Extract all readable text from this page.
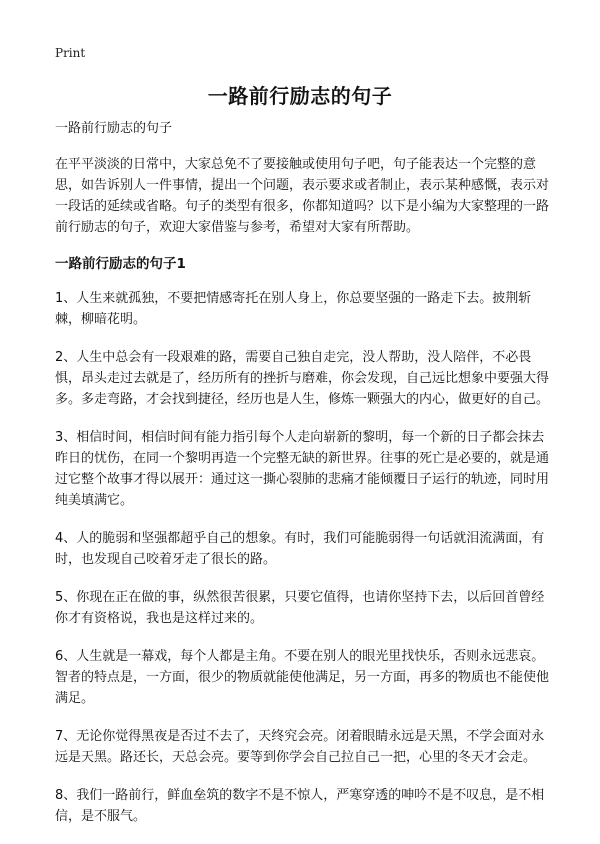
Print
一路前行励志的句子

一路前行励志的句子

在平平淡淡的日常中，大家总免不了要接触或使用句子吧，句子能表达一个完整的意思，如告诉别人一件事情，提出一个问题，表示要求或者制止，表示某种感慨，表示对一段话的延续或省略。句子的类型有很多，你都知道吗？以下是小编为大家整理的一路前行励志的句子，欢迎大家借鉴与参考，希望对大家有所帮助。

一路前行励志的句子1
1、人生来就孤独，不要把情感寄托在别人身上，你总要坚强的一路走下去。披荆斩棘，柳暗花明。
2、人生中总会有一段艰难的路，需要自己独自走完，没人帮助，没人陪伴，不必畏惧，昂头走过去就是了，经历所有的挫折与磨难，你会发现，自己远比想象中要强大得多。多走弯路，才会找到捷径，经历也是人生，修炼一颗强大的内心，做更好的自己。
3、相信时间，相信时间有能力指引每个人走向崭新的黎明，每一个新的日子都会抹去昨日的忧伤，在同一个黎明再造一个完整无缺的新世界。往事的死亡是必要的，就是通过它整个故事才得以展开：通过这一撕心裂肺的悲痛才能倾覆日子运行的轨迹，同时用纯美填满它。
4、人的脆弱和坚强都超乎自己的想象。有时，我们可能脆弱得一句话就泪流满面，有时，也发现自己咬着牙走了很长的路。
5、你现在正在做的事，纵然很苦很累，只要它值得，也请你坚持下去，以后回首曾经你才有资格说，我也是这样过来的。
6、人生就是一幕戏，每个人都是主角。不要在别人的眼光里找快乐，否则永远悲哀。智者的特点是，一方面，很少的物质就能使他满足，另一方面，再多的物质也不能使他满足。
7、无论你觉得黑夜是否过不去了，天终究会亮。闭着眼睛永远是天黑，不学会面对永远是天黑。路还长，天总会亮。要等到你学会自己拉自己一把，心里的冬天才会走。
8、我们一路前行，鲜血垒筑的数字不是不惊人，严寒穿透的呻吟不是不叹息，是不相信，是不服气。
